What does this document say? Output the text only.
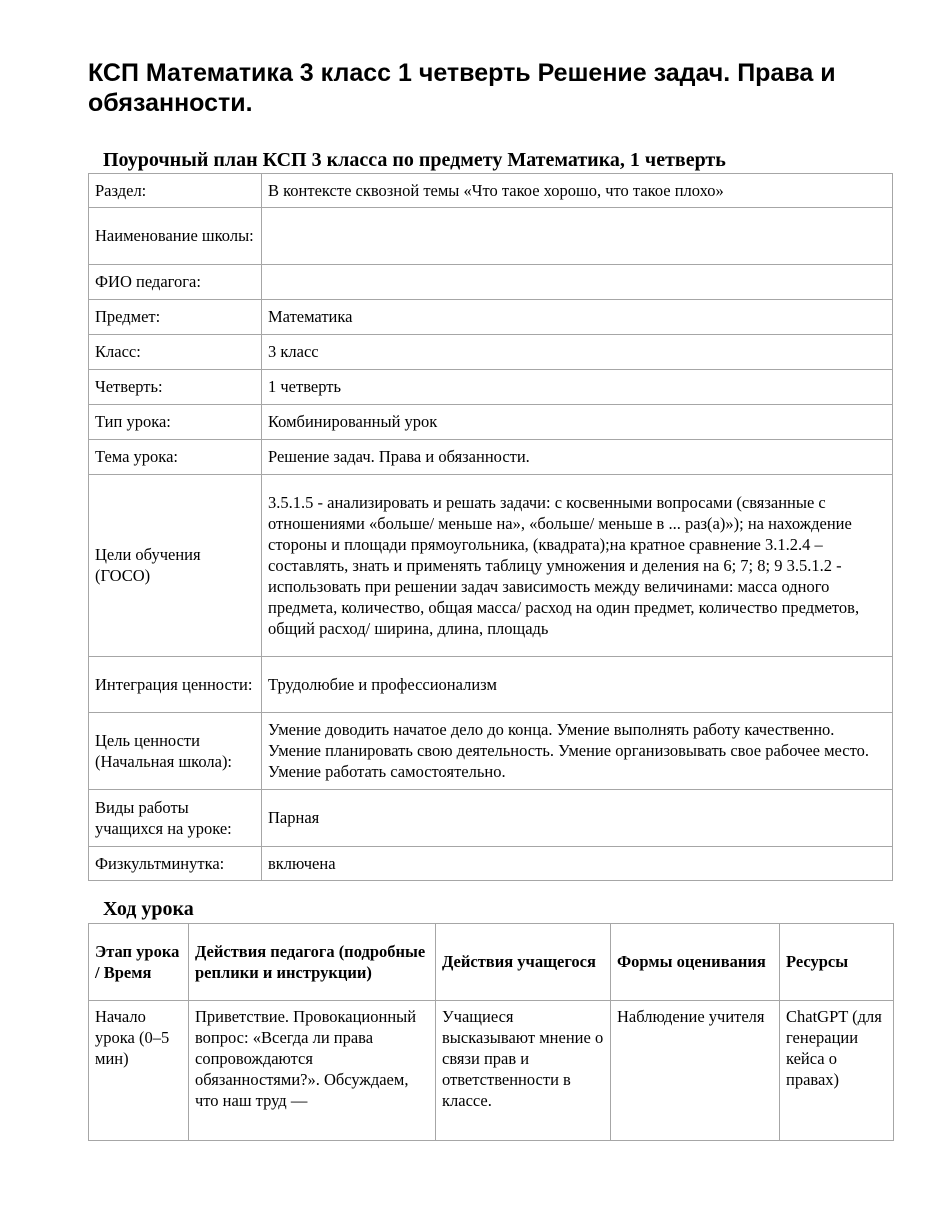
КСП Математика 3 класс 1 четверть Решение задач. Права и обязанности.
Поурочный план КСП 3 класса по предмету Математика, 1 четверть
Раздел:	В контексте сквозной темы «Что такое хорошо, что такое плохо»
Наименование школы:	
ФИО педагога:	
Предмет:	Математика
Класс:	3 класс
Четверть:	1 четверть
Тип урока:	Комбинированный урок
Тема урока:	Решение задач. Права и обязанности.
Цели обучения (ГОСО)	3.5.1.5 - анализировать и решать задачи: с косвенными вопросами (связанные с отношениями «больше/ меньше на», «больше/ меньше в ... раз(а)»); на нахождение стороны и площади прямоугольника, (квадрата);на кратное сравнение 3.1.2.4 – составлять, знать и применять таблицу умножения и деления на 6; 7; 8; 9 3.5.1.2 - использовать при решении задач зависимость между величинами: масса одного предмета, количество, общая масса/ расход на один предмет, количество предметов, общий расход/ ширина, длина, площадь
Интеграция ценности:	Трудолюбие и профессионализм
Цель ценности (Начальная школа):	Умение доводить начатое дело до конца. Умение выполнять работу качественно. Умение планировать свою деятельность. Умение организовывать свое рабочее место. Умение работать самостоятельно.
Виды работы учащихся на уроке:	Парная
Физкультминутка:	включена
Ход урока
Этап урока / Время	Действия педагога (подробные реплики и инструкции)	Действия учащегося	Формы оценивания	Ресурсы
Начало урока (0–5 мин)	Приветствие. Провокационный вопрос: «Всегда ли права сопровождаются обязанностями?». Обсуждаем, что наш труд —	Учащиеся высказывают мнение о связи прав и ответственности в классе.	Наблюдение учителя	ChatGPT (для генерации кейса о правах)
